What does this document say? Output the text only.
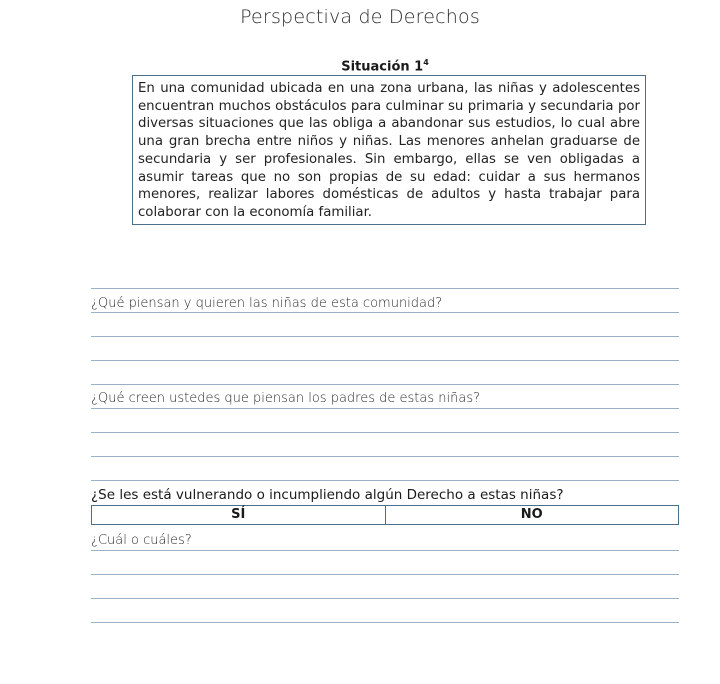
Perspectiva de Derechos
Situación $1^4$
En una comunidad ubicada en una zona urbana, las niñas y adolescentes encuentran muchos obstáculos para culminar su primaria y secundaria por diversas situaciones que las obliga a abandonar sus estudios, lo cual abre una gran brecha entre niños y niñas. Las menores anhelan graduarse de secundaria y ser profesionales. Sin embargo, ellas se ven obligadas a asumir tareas que no son propias de su edad: cuidar a sus hermanos menores, realizar labores domésticas de adultos y hasta trabajar para colaborar con la economía familiar.
¿Qué piensan y quieren las niñas de esta comunidad?
¿Qué creen ustedes que piensan los padres de estas niñas?
¿Se les está vulnerando o incumpliendo algún Derecho a estas niñas?
SÍ	NO
¿Cuál o cuáles?
